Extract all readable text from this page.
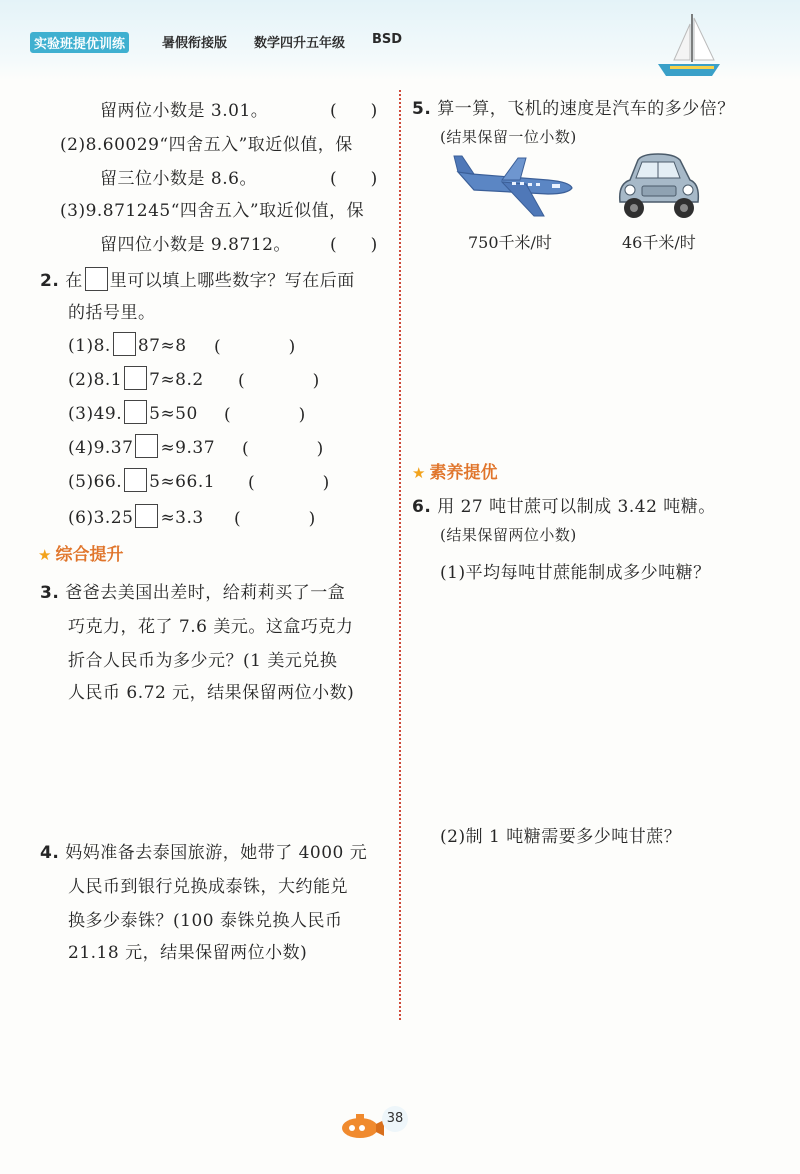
实验班提优训练	暑假衔接版 数学四升五年级 BSD
留两位小数是 3.01。	(　　)
(2)8.60029“四舍五入”取近似值，保
留三位小数是 8.6。	(　　)
(3)9.871245“四舍五入”取近似值，保
留四位小数是 9.8712。 (　　)
2. 在 里可以填上哪些数字？写在后面
的括号里。
(1)8. 87≈8 (　　　　)
(2)8.1 7≈8.2 (　　　　)
(3)49. 5≈50 (　　　　)
(4)9.37 ≈9.37 (　　　　)
(5)66. 5≈66.1 (　　　　)
(6)3.25 ≈3.3 (　　　　)
★ 综合提升
3. 爸爸去美国出差时，给莉莉买了一盒
巧克力，花了 7.6 美元。这盒巧克力
折合人民币为多少元？(1 美元兑换
人民币 6.72 元，结果保留两位小数)
4. 妈妈准备去泰国旅游，她带了 4000 元
人民币到银行兑换成泰铢，大约能兑
换多少泰铢？(100 泰铢兑换人民币
21.18 元，结果保留两位小数)
5. 算一算，飞机的速度是汽车的多少倍？
(结果保留一位小数)
750千米/时	46千米/时
★ 素养提优
6. 用 27 吨甘蔗可以制成 3.42 吨糖。
(结果保留两位小数)
(1)平均每吨甘蔗能制成多少吨糖？
(2)制 1 吨糖需要多少吨甘蔗？
38
